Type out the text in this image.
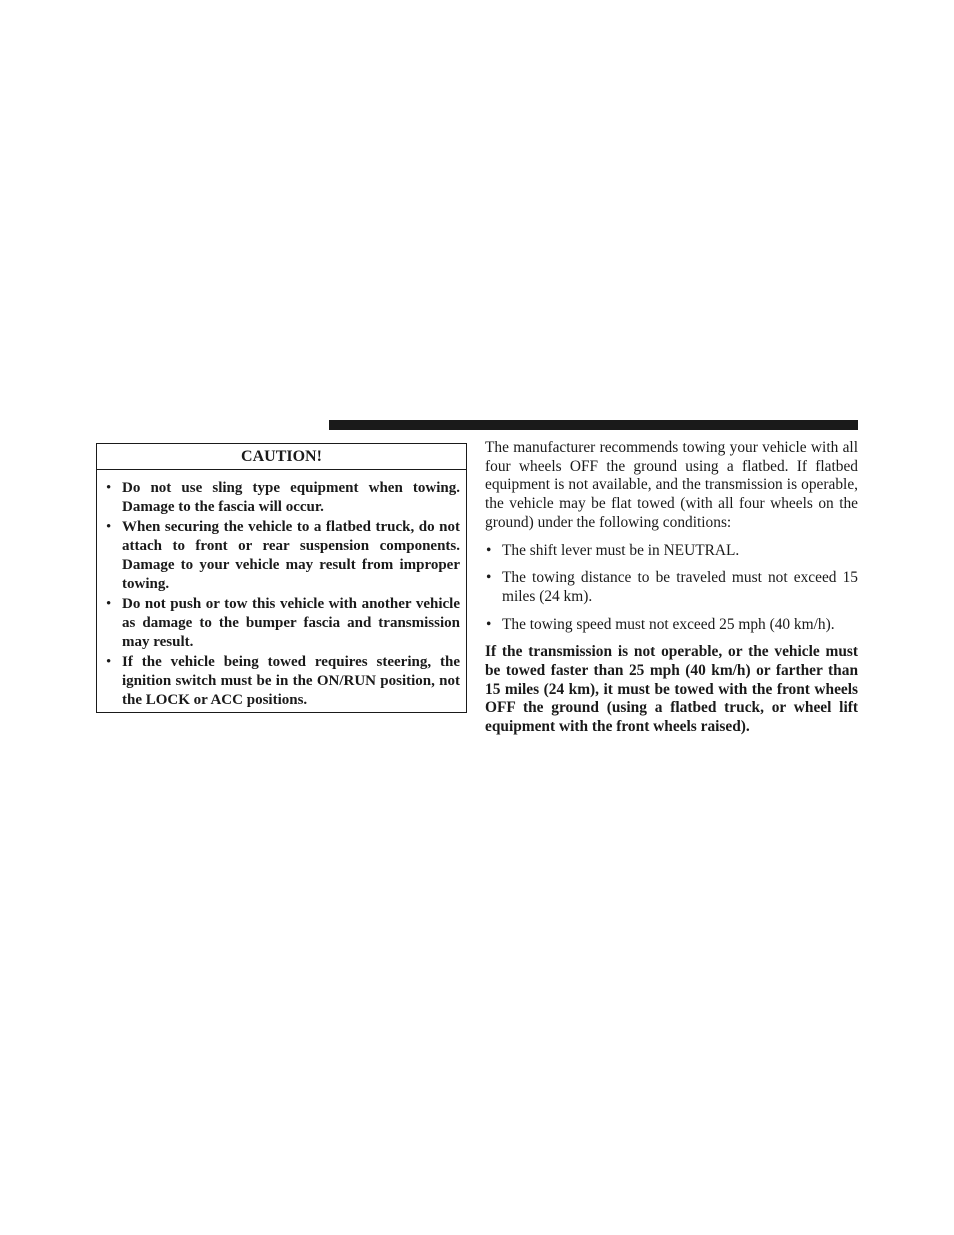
CAUTION!
• Do not use sling type equipment when towing. Damage to the fascia will occur.
• When securing the vehicle to a flatbed truck, do not attach to front or rear suspension components. Damage to your vehicle may result from improper towing.
• Do not push or tow this vehicle with another vehicle as damage to the bumper fascia and transmission may result.
• If the vehicle being towed requires steering, the ignition switch must be in the ON/RUN position, not the LOCK or ACC positions.

The manufacturer recommends towing your vehicle with all four wheels OFF the ground using a flatbed. If flatbed equipment is not available, and the transmission is operable, the vehicle may be flat towed (with all four wheels on the ground) under the following conditions:

• The shift lever must be in NEUTRAL.
• The towing distance to be traveled must not exceed 15 miles (24 km).
• The towing speed must not exceed 25 mph (40 km/h).

If the transmission is not operable, or the vehicle must be towed faster than 25 mph (40 km/h) or farther than 15 miles (24 km), it must be towed with the front wheels OFF the ground (using a flatbed truck, or wheel lift equipment with the front wheels raised).
